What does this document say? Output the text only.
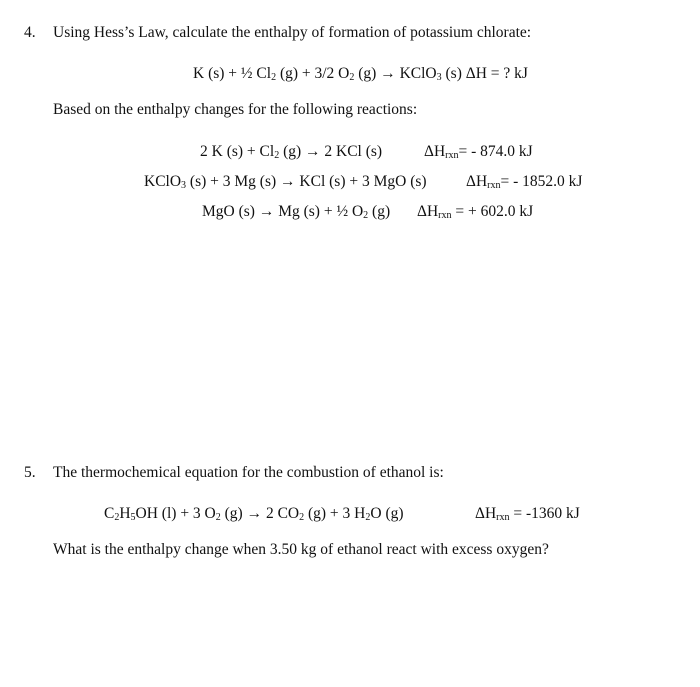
4. Using Hess’s Law, calculate the enthalpy of formation of potassium chlorate:
K (s) + ½ $Cl_2$ (g) + 3/2 $O_2$ (g) → KClO$_3$ (s) ΔH = ? kJ
Based on the enthalpy changes for the following reactions:
2 K $(s) + Cl_2$ (g) → 2 KCl (s)	$\Delta H_{rxn}= - 874.0$ kJ
KClO$_3$ (s) + 3 Mg (s) → KCl (s) + 3 MgO (s)	$\Delta H_{rxn}= - 1852.0$ kJ
MgO (s) → Mg (s) + ½ $O_2$ (g) $\Delta H_{rxn}$ = + 602.0 kJ
5. The thermochemical equation for the combustion of ethanol is:
$C_2H_5OH$ (l) + 3 $O_2$ (g) → 2 $CO_2$ (g) + 3 $H_2O$ (g)	$\Delta H_{rxn} = -1360$ kJ
What is the enthalpy change when 3.50 kg of ethanol react with excess oxygen?
